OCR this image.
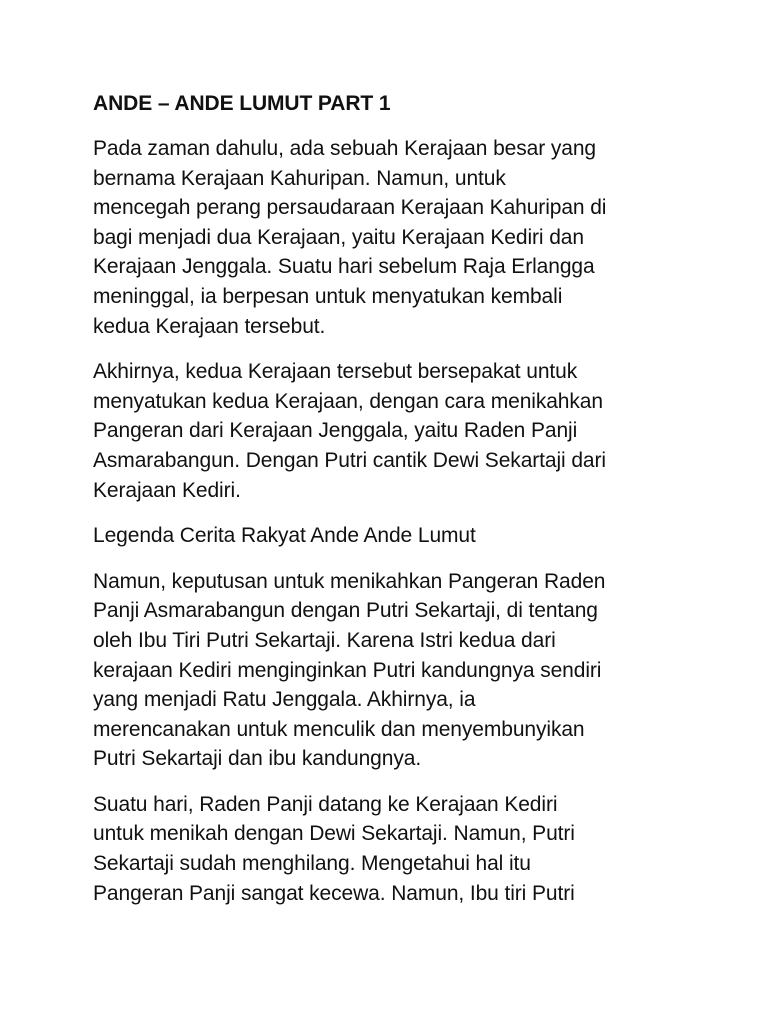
ANDE – ANDE LUMUT PART 1
Pada zaman dahulu, ada sebuah Kerajaan besar yang
bernama Kerajaan Kahuripan. Namun, untuk
mencegah perang persaudaraan Kerajaan Kahuripan di
bagi menjadi dua Kerajaan, yaitu Kerajaan Kediri dan
Kerajaan Jenggala. Suatu hari sebelum Raja Erlangga
meninggal, ia berpesan untuk menyatukan kembali
kedua Kerajaan tersebut.
Akhirnya, kedua Kerajaan tersebut bersepakat untuk
menyatukan kedua Kerajaan, dengan cara menikahkan
Pangeran dari Kerajaan Jenggala, yaitu Raden Panji
Asmarabangun. Dengan Putri cantik Dewi Sekartaji dari
Kerajaan Kediri.
Legenda Cerita Rakyat Ande Ande Lumut
Namun, keputusan untuk menikahkan Pangeran Raden
Panji Asmarabangun dengan Putri Sekartaji, di tentang
oleh Ibu Tiri Putri Sekartaji. Karena Istri kedua dari
kerajaan Kediri menginginkan Putri kandungnya sendiri
yang menjadi Ratu Jenggala. Akhirnya, ia
merencanakan untuk menculik dan menyembunyikan
Putri Sekartaji dan ibu kandungnya.
Suatu hari, Raden Panji datang ke Kerajaan Kediri
untuk menikah dengan Dewi Sekartaji. Namun, Putri
Sekartaji sudah menghilang. Mengetahui hal itu
Pangeran Panji sangat kecewa. Namun, Ibu tiri Putri
